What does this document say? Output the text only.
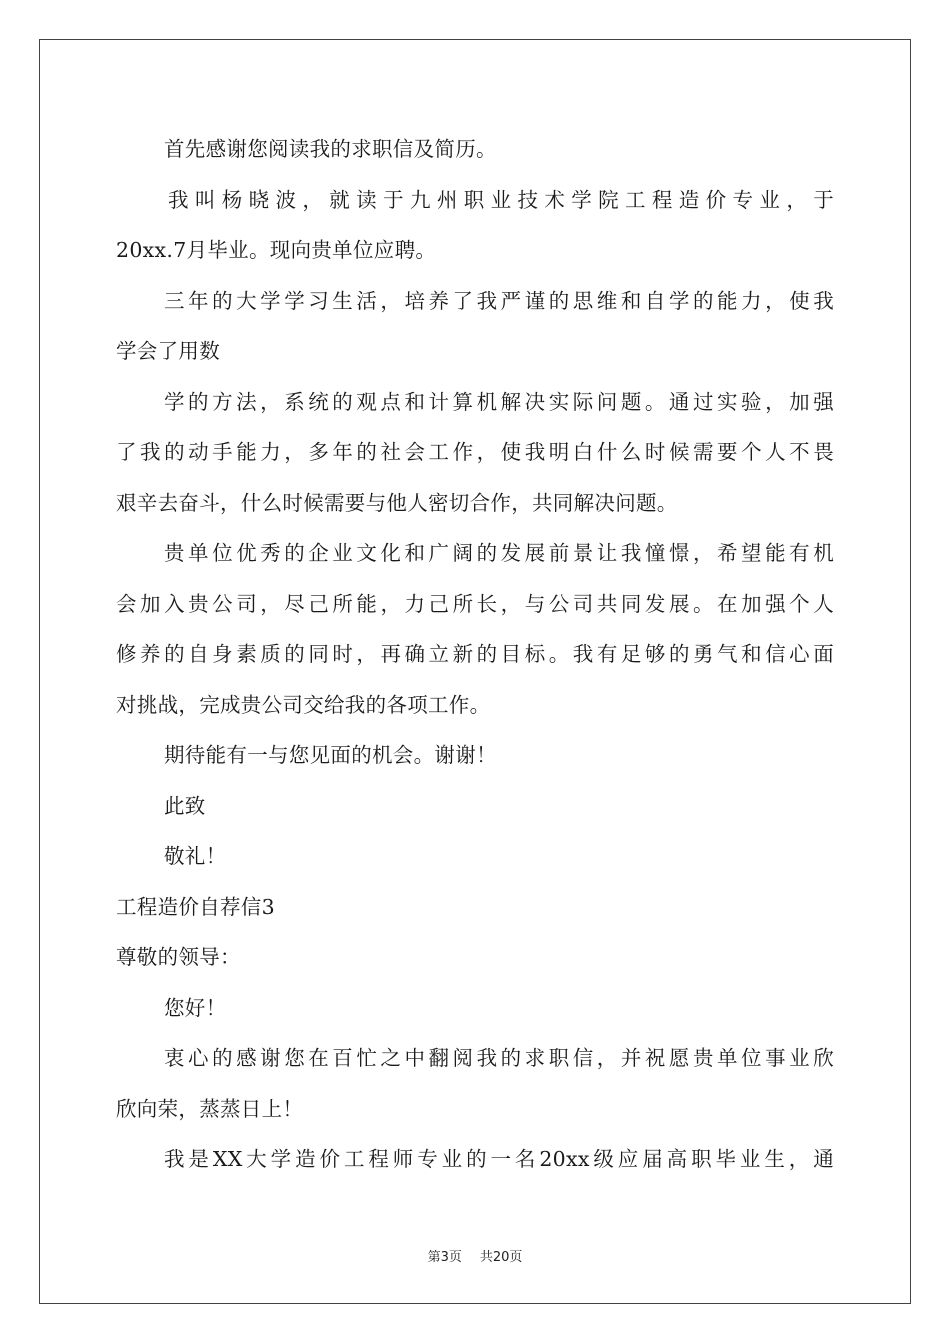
首先感谢您阅读我的求职信及简历。
我叫杨晓波，就读于九州职业技术学院工程造价专业，于
20xx.7月毕业。现向贵单位应聘。
三年的大学学习生活，培养了我严谨的思维和自学的能力，使我
学会了用数
学的方法，系统的观点和计算机解决实际问题。通过实验，加强
了我的动手能力，多年的社会工作，使我明白什么时候需要个人不畏
艰辛去奋斗，什么时候需要与他人密切合作，共同解决问题。
贵单位优秀的企业文化和广阔的发展前景让我憧憬，希望能有机
会加入贵公司，尽己所能，力己所长，与公司共同发展。在加强个人
修养的自身素质的同时，再确立新的目标。我有足够的勇气和信心面
对挑战，完成贵公司交给我的各项工作。
期待能有一与您见面的机会。谢谢！
此致
敬礼！
工程造价自荐信3
尊敬的领导：
您好！
衷心的感谢您在百忙之中翻阅我的求职信，并祝愿贵单位事业欣
欣向荣，蒸蒸日上！
我是XX大学造价工程师专业的一名20xx级应届高职毕业生，通
第3页 共20页
